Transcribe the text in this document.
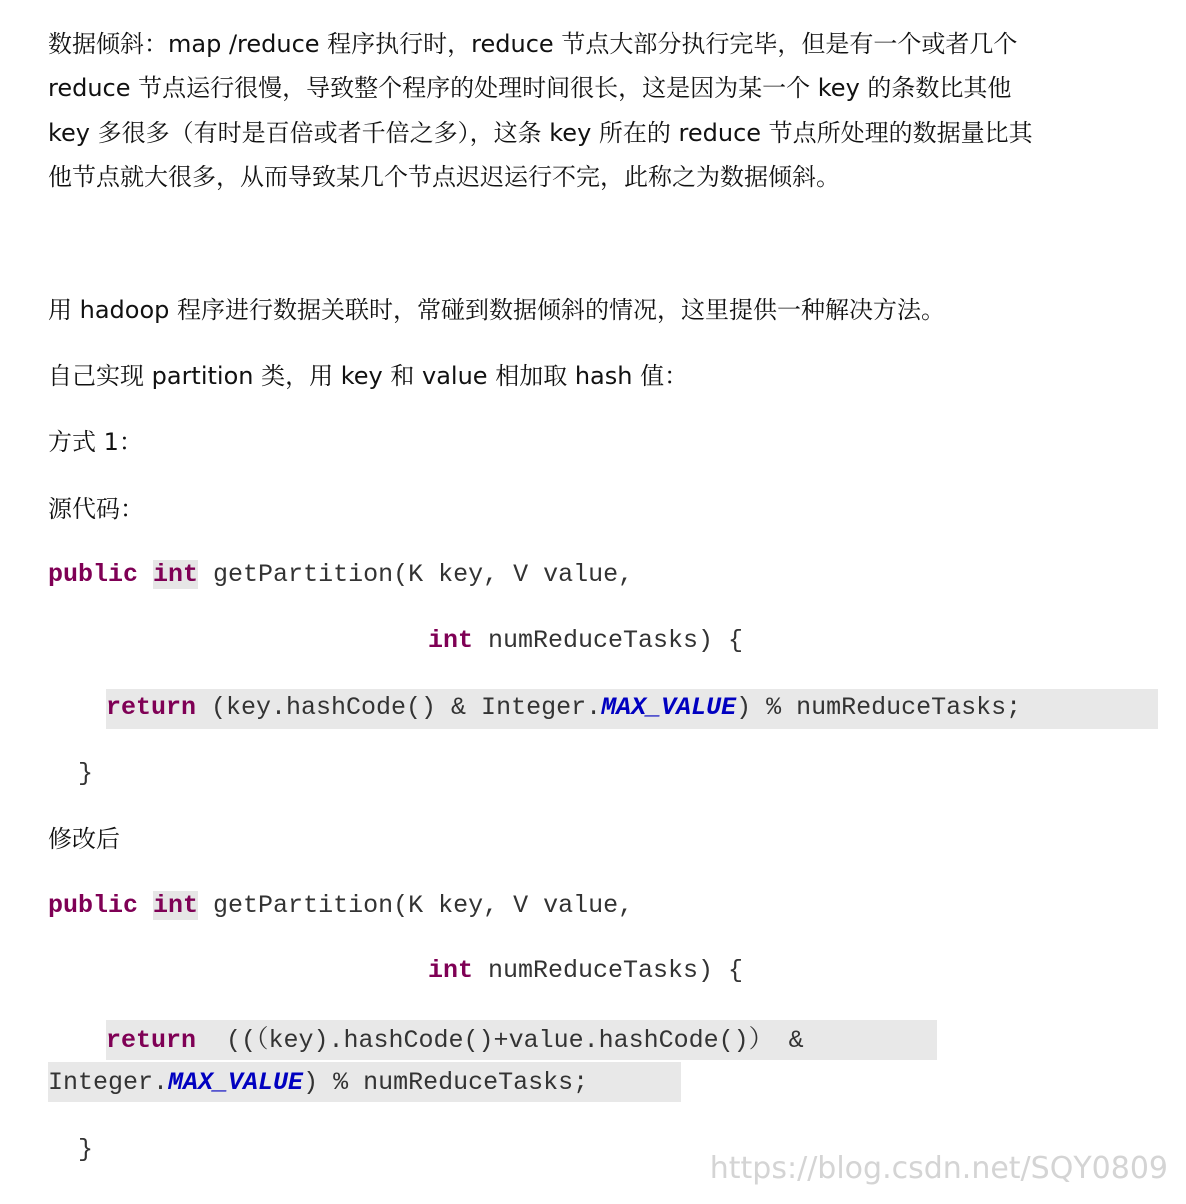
数据倾斜：map /reduce 程序执行时，reduce 节点大部分执行完毕，但是有一个或者几个

reduce 节点运行很慢，导致整个程序的处理时间很长，这是因为某一个 key 的条数比其他

key 多很多（有时是百倍或者千倍之多），这条 key 所在的 reduce 节点所处理的数据量比其

他节点就大很多，从而导致某几个节点迟迟运行不完，此称之为数据倾斜。

用 hadoop 程序进行数据关联时，常碰到数据倾斜的情况，这里提供一种解决方法。

自己实现 partition 类，用 key 和 value 相加取 hash 值：

方式 1：

源代码：

public int getPartition(K key, V value,
int numReduceTasks) {
return (key.hashCode() & Integer.MAX_VALUE) % numReduceTasks;
}

修改后

public int getPartition(K key, V value,
int numReduceTasks) {
return  ((（key).hashCode()+value.hashCode()） &
Integer.MAX_VALUE) % numReduceTasks;
}
https://blog.csdn.net/SQY0809
